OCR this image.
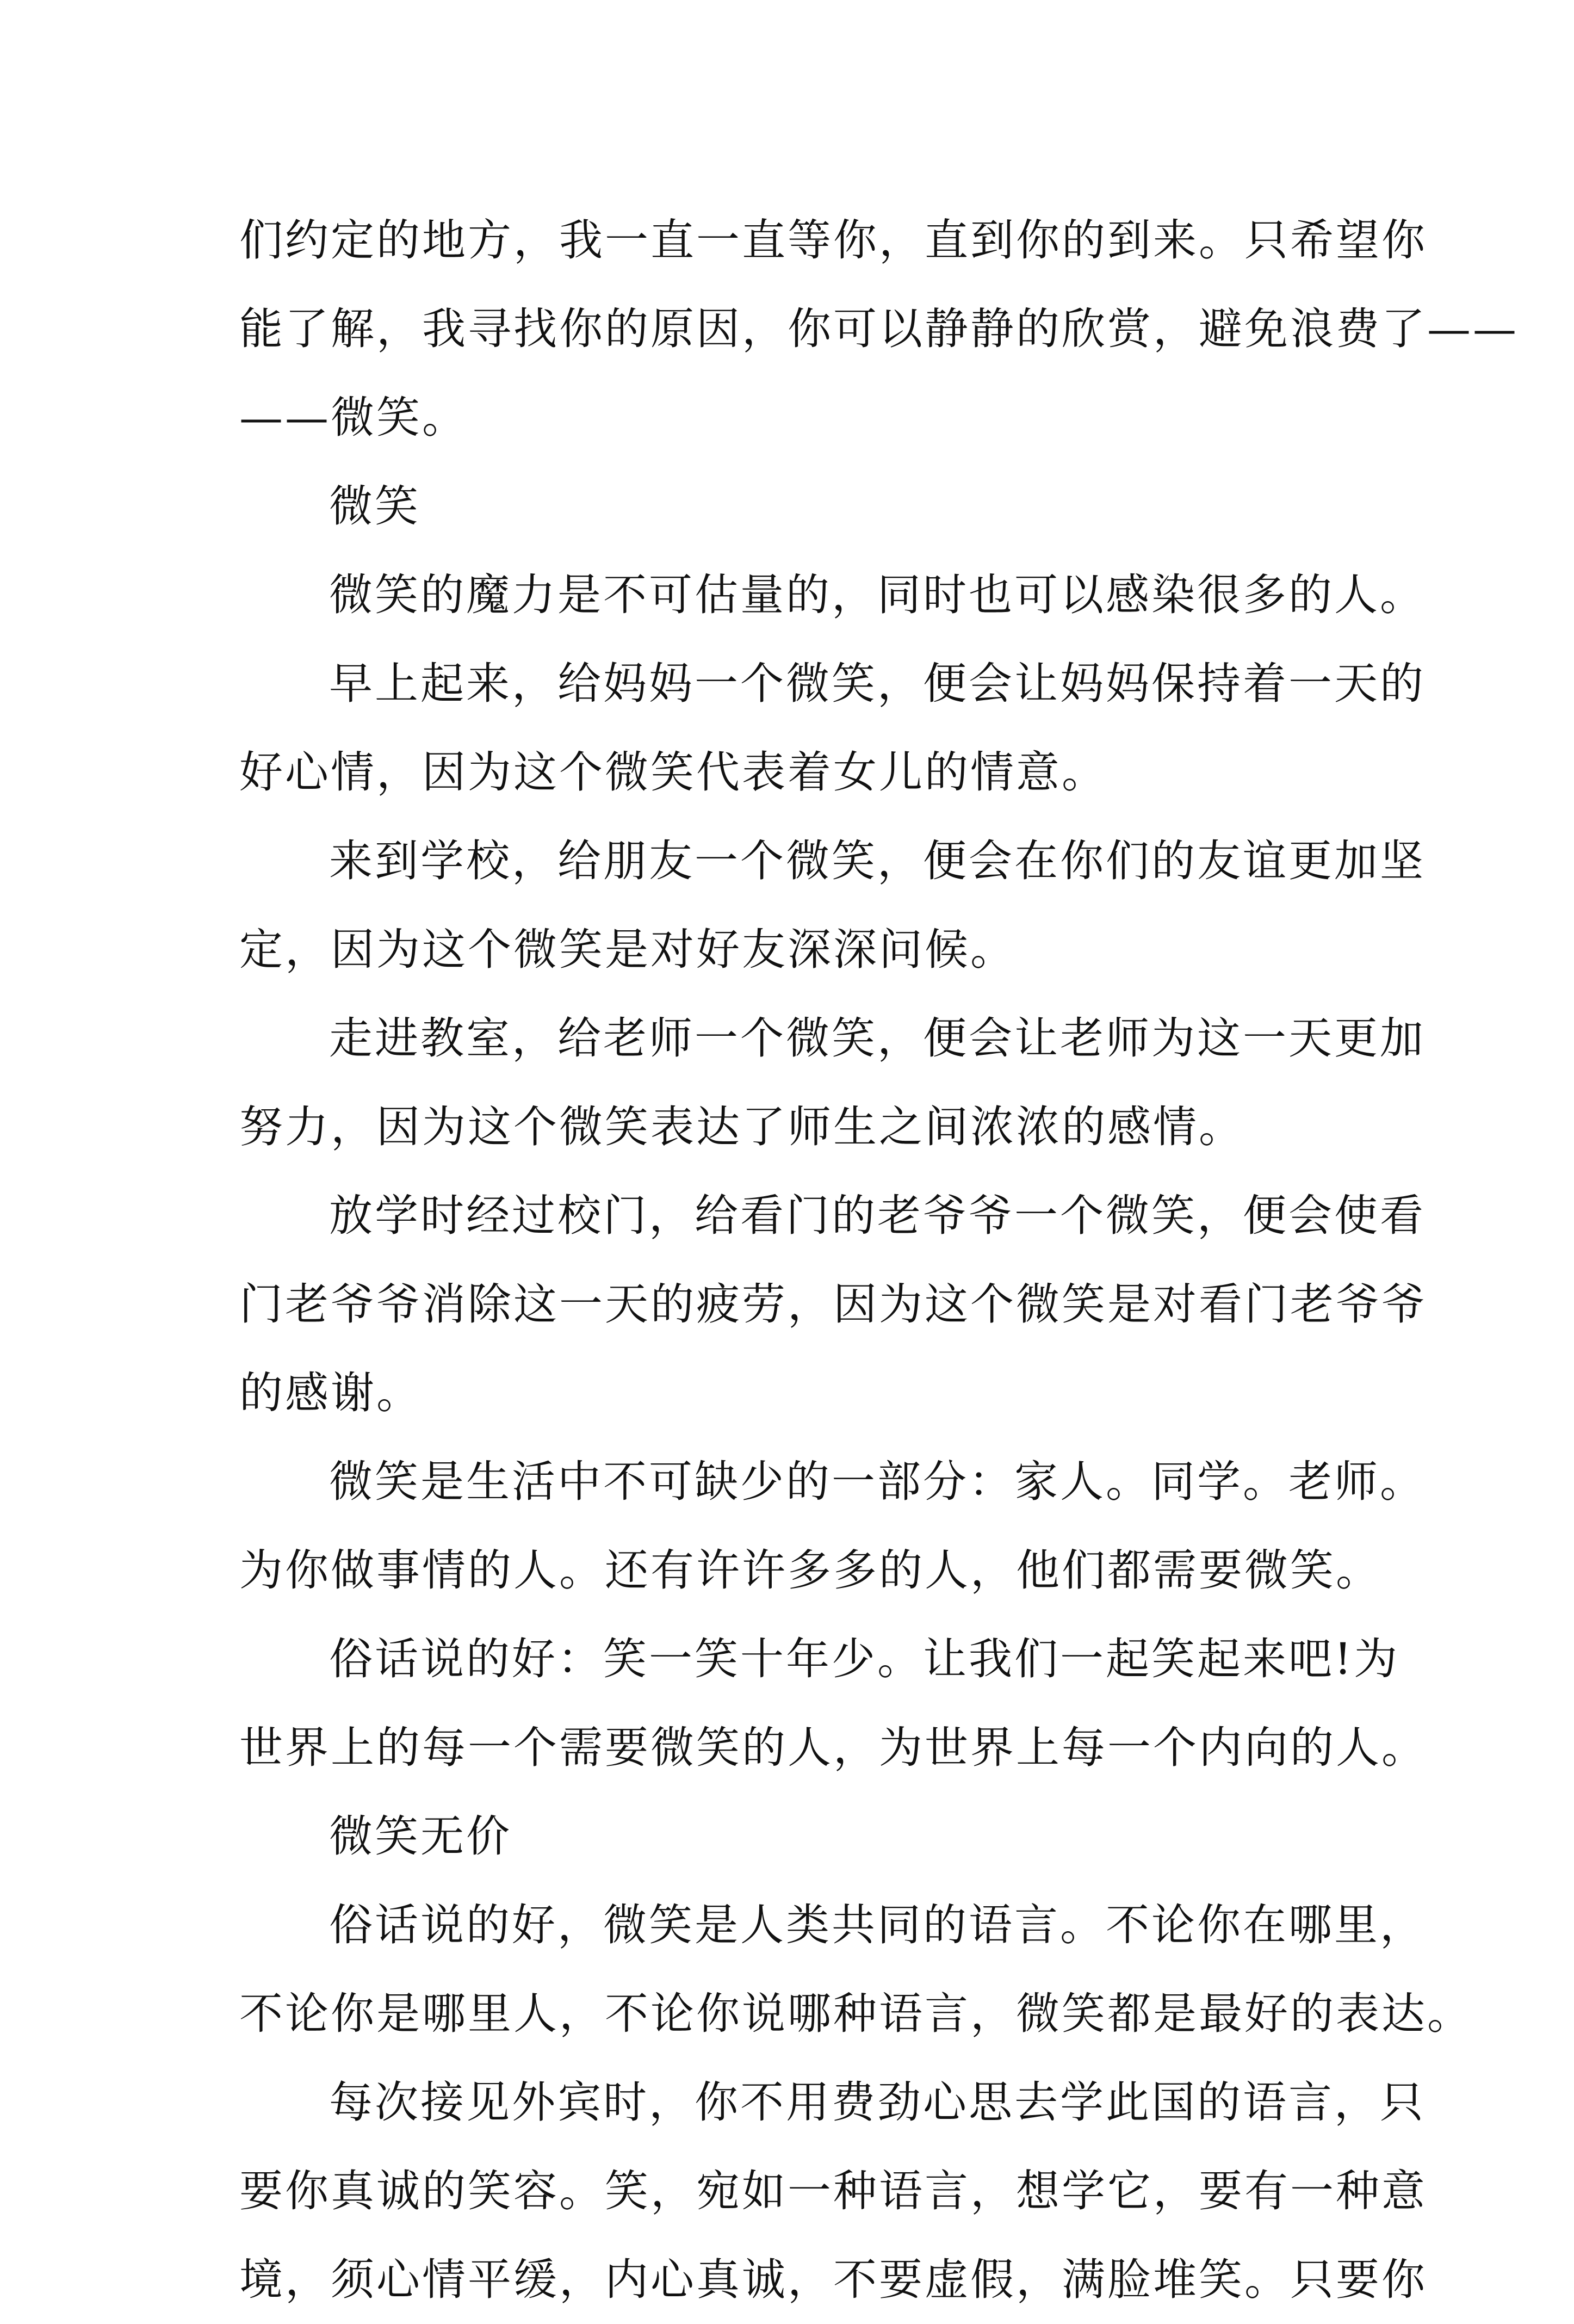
们约定的地方，我一直一直等你，直到你的到来。只希望你
能了解，我寻找你的原因，你可以静静的欣赏，避免浪费了——
——微笑。
微笑
微笑的魔力是不可估量的，同时也可以感染很多的人。
早上起来，给妈妈一个微笑，便会让妈妈保持着一天的
好心情，因为这个微笑代表着女儿的情意。
来到学校，给朋友一个微笑，便会在你们的友谊更加坚
定，因为这个微笑是对好友深深问候。
走进教室，给老师一个微笑，便会让老师为这一天更加
努力，因为这个微笑表达了师生之间浓浓的感情。
放学时经过校门，给看门的老爷爷一个微笑，便会使看
门老爷爷消除这一天的疲劳，因为这个微笑是对看门老爷爷
的感谢。
微笑是生活中不可缺少的一部分：家人。同学。老师。
为你做事情的人。还有许许多多的人，他们都需要微笑。
俗话说的好：笑一笑十年少。让我们一起笑起来吧!为
世界上的每一个需要微笑的人，为世界上每一个内向的人。
微笑无价
俗话说的好，微笑是人类共同的语言。不论你在哪里，
不论你是哪里人，不论你说哪种语言，微笑都是最好的表达。
每次接见外宾时，你不用费劲心思去学此国的语言，只
要你真诚的笑容。笑，宛如一种语言，想学它，要有一种意
境，须心情平缓，内心真诚，不要虚假，满脸堆笑。只要你
